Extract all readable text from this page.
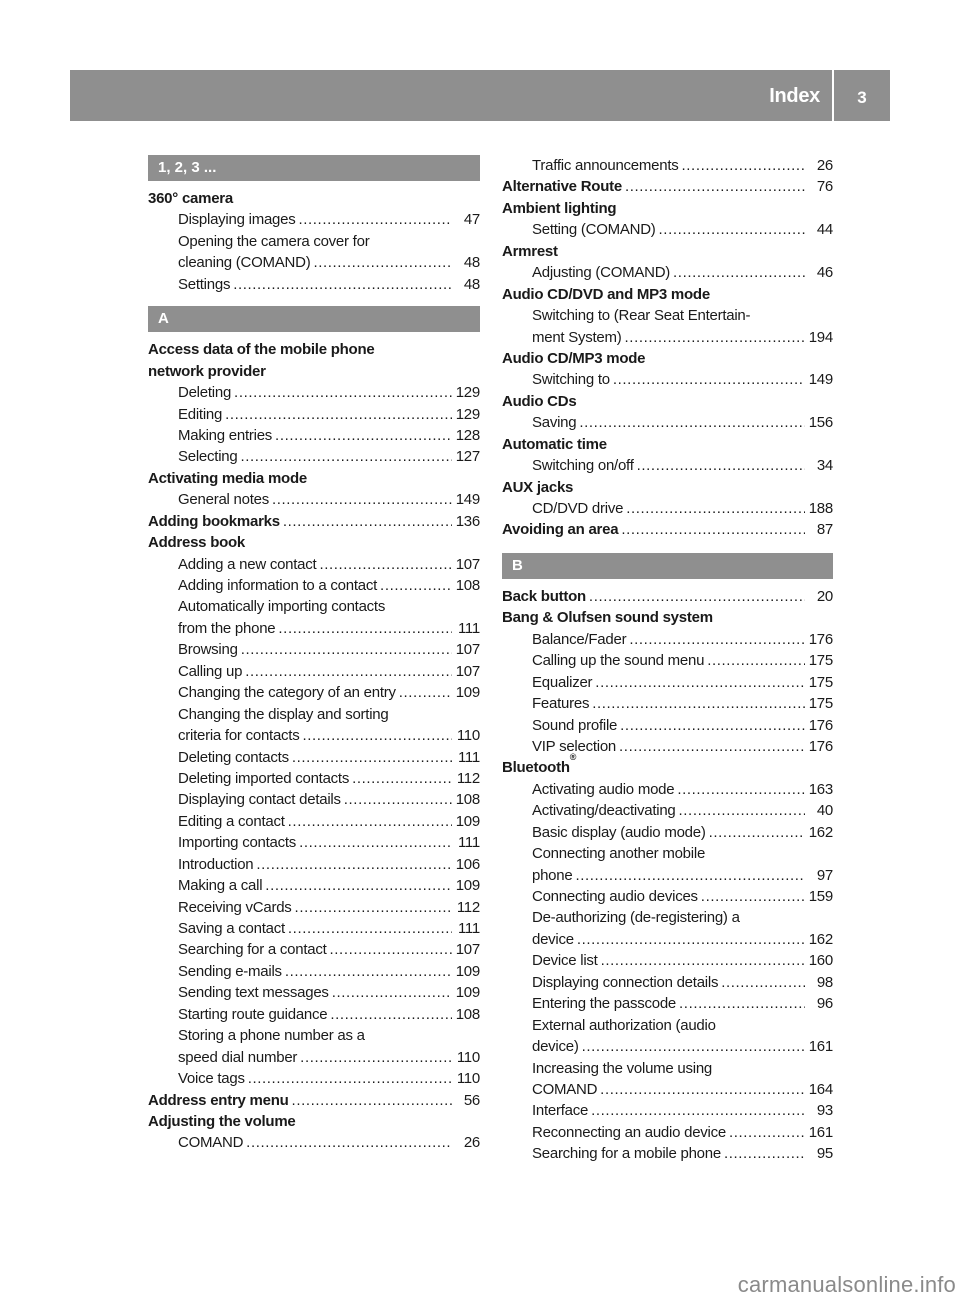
Index	3
1, 2, 3 ...
360° camera
Displaying images .....	47
Opening the camera cover for
cleaning (COMAND) .....	48
Settings .....	48
A
Access data of the mobile phone
network provider
Deleting .....	129
Editing .....	129
Making entries .....	128
Selecting .....	127
Activating media mode
General notes .....	149
Adding bookmarks .....	136
Address book
Adding a new contact .....	107
Adding information to a contact .....	108
Automatically importing contacts
from the phone .....	111
Browsing .....	107
Calling up .....	107
Changing the category of an entry .....	109
Changing the display and sorting
criteria for contacts .....	110
Deleting contacts .....	111
Deleting imported contacts .....	112
Displaying contact details .....	108
Editing a contact .....	109
Importing contacts .....	111
Introduction .....	106
Making a call .....	109
Receiving vCards .....	112
Saving a contact .....	111
Searching for a contact .....	107
Sending e-mails .....	109
Sending text messages .....	109
Starting route guidance .....	108
Storing a phone number as a
speed dial number .....	110
Voice tags .....	110
Address entry menu .....	56
Adjusting the volume
COMAND .....	26
Traffic announcements .....	26
Alternative Route .....	76
Ambient lighting
Setting (COMAND) .....	44
Armrest
Adjusting (COMAND) .....	46
Audio CD/DVD and MP3 mode
Switching to (Rear Seat Entertain-
ment System) .....	194
Audio CD/MP3 mode
Switching to .....	149
Audio CDs
Saving .....	156
Automatic time
Switching on/off .....	34
AUX jacks
CD/DVD drive .....	188
Avoiding an area .....	87
B
Back button .....	20
Bang & Olufsen sound system
Balance/Fader .....	176
Calling up the sound menu .....	175
Equalizer .....	175
Features .....	175
Sound profile .....	176
VIP selection .....	176
Bluetooth
®
Activating audio mode .....	163
Activating/deactivating .....	40
Basic display (audio mode) .....	162
Connecting another mobile
phone .....	97
Connecting audio devices .....	159
De-authorizing (de-registering) a
device .....	162
Device list .....	160
Displaying connection details .....	98
Entering the passcode .....	96
External authorization (audio
device) .....	161
Increasing the volume using
COMAND .....	164
Interface .....	93
Reconnecting an audio device .....	161
Searching for a mobile phone .....	95
carmanualsonline.info
